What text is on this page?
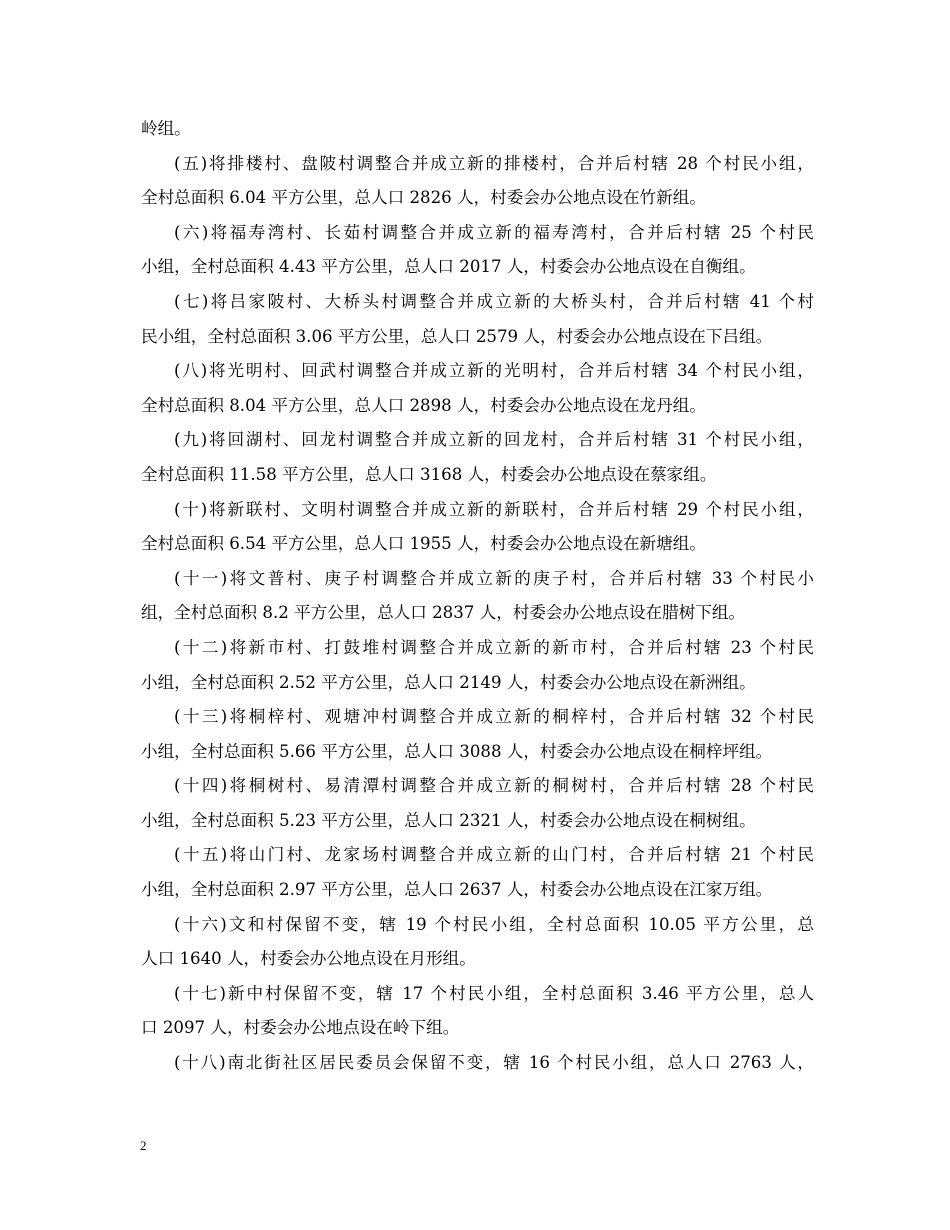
岭组。
(五)将排楼村、盘陂村调整合并成立新的排楼村，合并后村辖 28 个村民小组，
全村总面积 6.04 平方公里，总人口 2826 人，村委会办公地点设在竹新组。
(六)将福寿湾村、长茹村调整合并成立新的福寿湾村，合并后村辖 25 个村民
小组，全村总面积 4.43 平方公里，总人口 2017 人，村委会办公地点设在自衡组。
(七)将吕家陂村、大桥头村调整合并成立新的大桥头村，合并后村辖 41 个村
民小组，全村总面积 3.06 平方公里，总人口 2579 人，村委会办公地点设在下吕组。
(八)将光明村、回武村调整合并成立新的光明村，合并后村辖 34 个村民小组，
全村总面积 8.04 平方公里，总人口 2898 人，村委会办公地点设在龙丹组。
(九)将回湖村、回龙村调整合并成立新的回龙村，合并后村辖 31 个村民小组，
全村总面积 11.58 平方公里，总人口 3168 人，村委会办公地点设在蔡家组。
(十)将新联村、文明村调整合并成立新的新联村，合并后村辖 29 个村民小组，
全村总面积 6.54 平方公里，总人口 1955 人，村委会办公地点设在新塘组。
(十一)将文普村、庚子村调整合并成立新的庚子村，合并后村辖 33 个村民小
组，全村总面积 8.2 平方公里，总人口 2837 人，村委会办公地点设在腊树下组。
(十二)将新市村、打鼓堆村调整合并成立新的新市村，合并后村辖 23 个村民
小组，全村总面积 2.52 平方公里，总人口 2149 人，村委会办公地点设在新洲组。
(十三)将桐梓村、观塘冲村调整合并成立新的桐梓村，合并后村辖 32 个村民
小组，全村总面积 5.66 平方公里，总人口 3088 人，村委会办公地点设在桐梓坪组。
(十四)将桐树村、易清潭村调整合并成立新的桐树村，合并后村辖 28 个村民
小组，全村总面积 5.23 平方公里，总人口 2321 人，村委会办公地点设在桐树组。
(十五)将山门村、龙家场村调整合并成立新的山门村，合并后村辖 21 个村民
小组，全村总面积 2.97 平方公里，总人口 2637 人，村委会办公地点设在江家万组。
(十六)文和村保留不变，辖 19 个村民小组，全村总面积 10.05 平方公里，总
人口 1640 人，村委会办公地点设在月形组。
(十七)新中村保留不变，辖 17 个村民小组，全村总面积 3.46 平方公里，总人
口 2097 人，村委会办公地点设在岭下组。
(十八)南北街社区居民委员会保留不变，辖 16 个村民小组，总人口 2763 人，
2
